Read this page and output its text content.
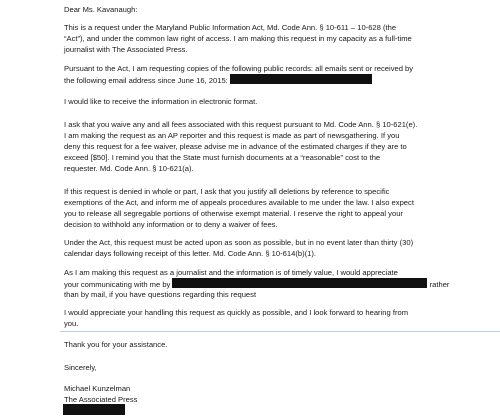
Dear Ms. Kavanaugh:

This is a request under the Maryland Public Information Act, Md. Code Ann. § 10-611 – 10-628 (the

“Act”), and under the common law right of access. I am making this request in my capacity as a full-time

journalist with The Associated Press.

Pursuant to the Act, I am requesting copies of the following public records: all emails sent or received by

the following email address since June 16, 2015:

I would like to receive the information in electronic format.

I ask that you waive any and all fees associated with this request pursuant to Md. Code Ann. § 10-621(e).

I am making the request as an AP reporter and this request is made as part of newsgathering. If you

deny this request for a fee waiver, please advise me in advance of the estimated charges if they are to

exceed [$50]. I remind you that the State must furnish documents at a “reasonable” cost to the

requester. Md. Code Ann. § 10-621(a).

If this request is denied in whole or part, I ask that you justify all deletions by reference to specific

exemptions of the Act, and inform me of appeals procedures available to me under the law. I also expect

you to release all segregable portions of otherwise exempt material. I reserve the right to appeal your

decision to withhold any information or to deny a waiver of fees.

Under the Act, this request must be acted upon as soon as possible, but in no event later than thirty (30)

calendar days following receipt of this letter. Md. Code Ann. § 10-614(b)(1).

As I am making this request as a journalist and the information is of timely value, I would appreciate

your communicating with me by	rather

than by mail, if you have questions regarding this request

I would appreciate your handling this request as quickly as possible, and I look forward to hearing from

you.

Thank you for your assistance.

Sincerely,

Michael Kunzelman

The Associated Press
